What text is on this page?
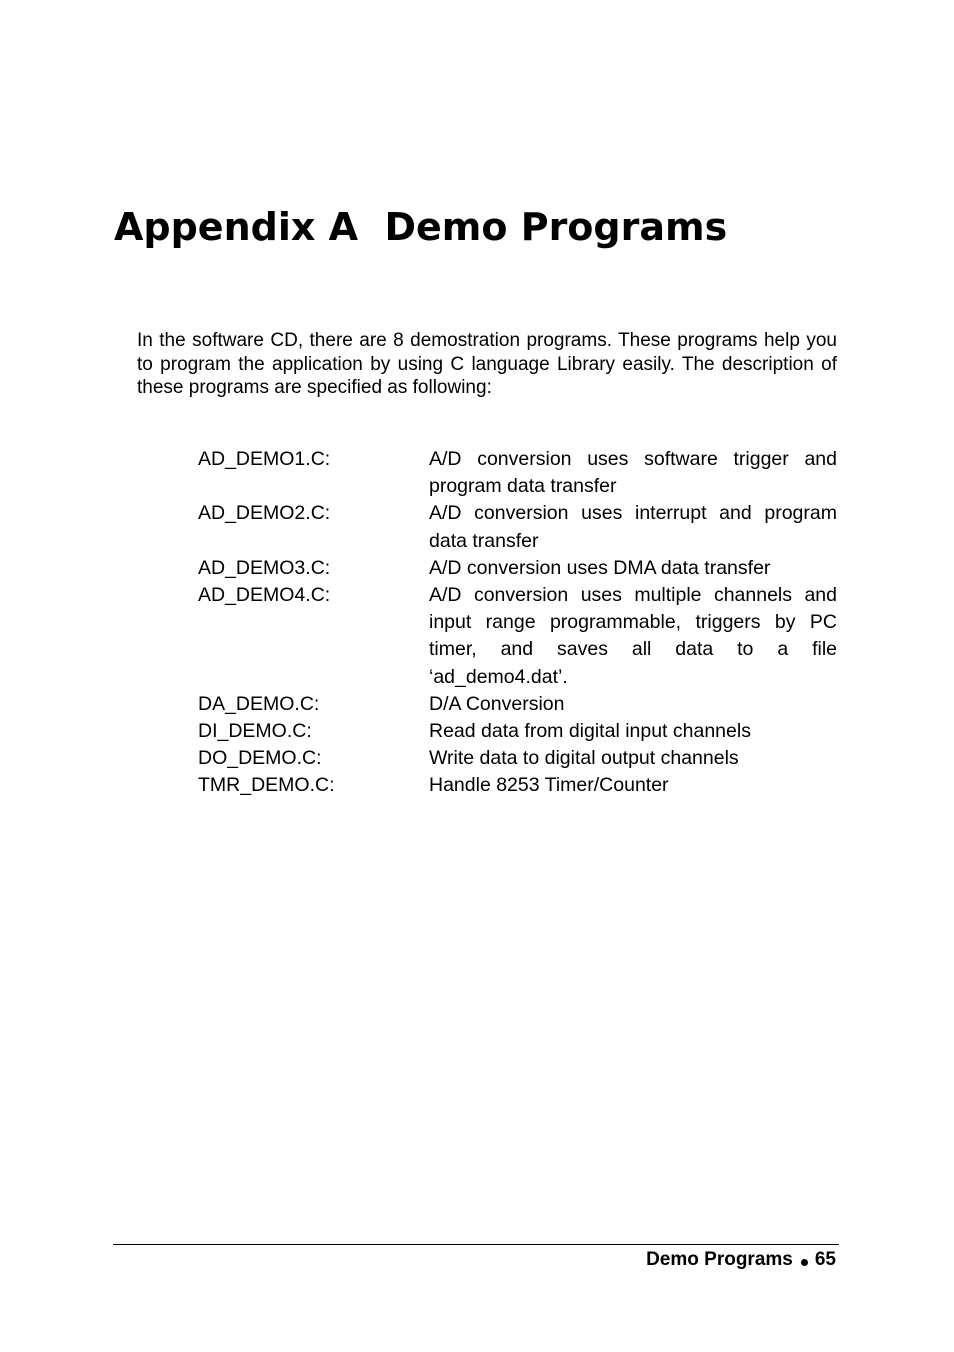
Appendix A  Demo Programs

In the software CD, there are 8 demostration programs. These programs help you to program the application by using C language Library easily. The description of these programs are specified as following:

AD_DEMO1.C:	A/D conversion uses software trigger and program data transfer
AD_DEMO2.C:	A/D conversion uses interrupt and program data transfer
AD_DEMO3.C:	A/D conversion uses DMA data transfer
AD_DEMO4.C:	A/D conversion uses multiple channels and input range programmable, triggers by PC timer, and saves all data to a file ‘ad_demo4.dat’.
DA_DEMO.C:	D/A Conversion
DI_DEMO.C:	Read data from digital input channels
DO_DEMO.C:	Write data to digital output channels
TMR_DEMO.C:	Handle 8253 Timer/Counter
Demo Programs 65
